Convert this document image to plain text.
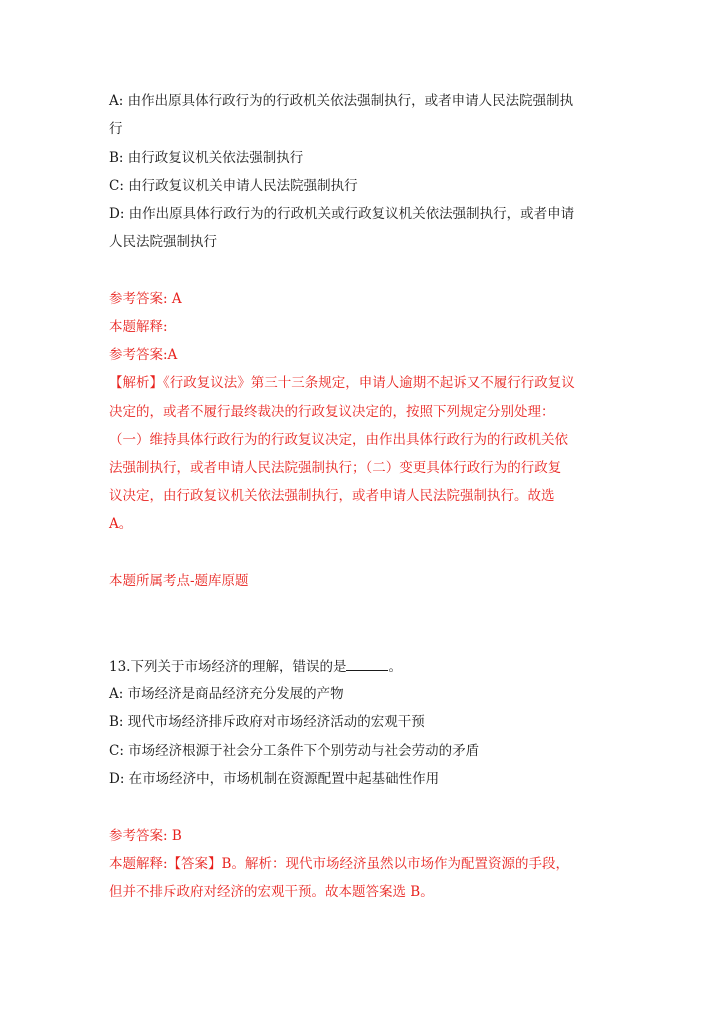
A: 由作出原具体行政行为的行政机关依法强制执行，或者申请人民法院强制执
行
B: 由行政复议机关依法强制执行
C: 由行政复议机关申请人民法院强制执行
D: 由作出原具体行政行为的行政机关或行政复议机关依法强制执行，或者申请
人民法院强制执行
参考答案: A
本题解释:
参考答案:A
【解析】《行政复议法》第三十三条规定，申请人逾期不起诉又不履行行政复议
决定的，或者不履行最终裁决的行政复议决定的，按照下列规定分别处理：
（一）维持具体行政行为的行政复议决定，由作出具体行政行为的行政机关依
法强制执行，或者申请人民法院强制执行；（二）变更具体行政行为的行政复
议决定，由行政复议机关依法强制执行，或者申请人民法院强制执行。故选
A。
本题所属考点-题库原题
13.下列关于市场经济的理解，错误的是	。
A: 市场经济是商品经济充分发展的产物
B: 现代市场经济排斥政府对市场经济活动的宏观干预
C: 市场经济根源于社会分工条件下个别劳动与社会劳动的矛盾
D: 在市场经济中，市场机制在资源配置中起基础性作用
参考答案: B
本题解释:【答案】B。解析：现代市场经济虽然以市场作为配置资源的手段，
但并不排斥政府对经济的宏观干预。故本题答案选 B。
